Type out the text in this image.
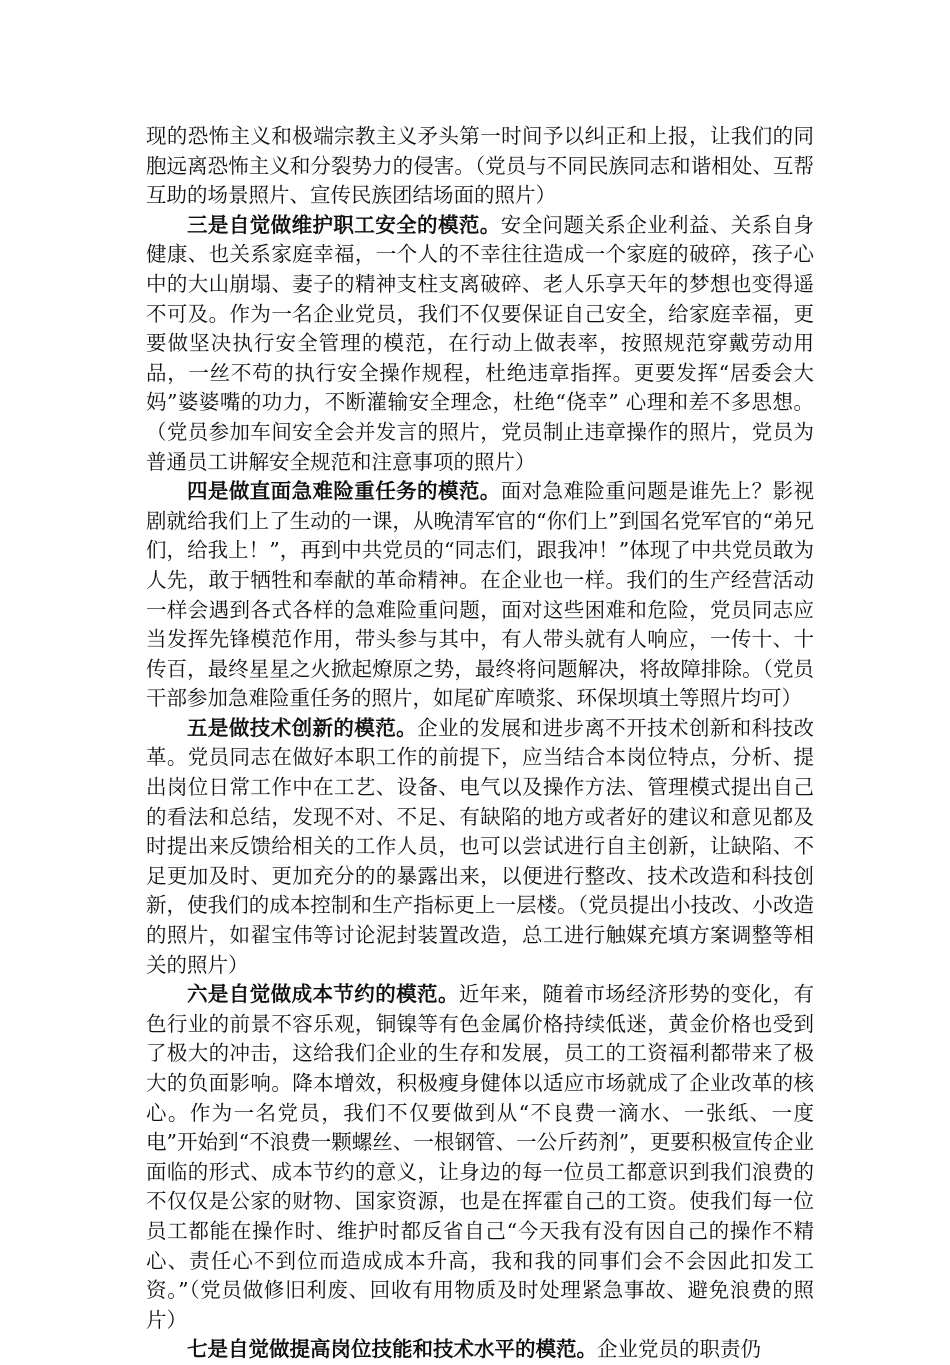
现的恐怖主义和极端宗教主义矛头第一时间予以纠正和上报，让我们的同胞远离恐怖主义和分裂势力的侵害。（党员与不同民族同志和谐相处、互帮互助的场景照片、宣传民族团结场面的照片）

三是自觉做维护职工安全的模范。安全问题关系企业利益、关系自身健康、也关系家庭幸福，一个人的不幸往往造成一个家庭的破碎，孩子心中的大山崩塌、妻子的精神支柱支离破碎、老人乐享天年的梦想也变得遥不可及。作为一名企业党员，我们不仅要保证自己安全，给家庭幸福，更要做坚决执行安全管理的模范，在行动上做表率，按照规范穿戴劳动用品，一丝不苟的执行安全操作规程，杜绝违章指挥。更要发挥“居委会大妈”婆婆嘴的功力，不断灌输安全理念，杜绝“侥幸” 心理和差不多思想。（党员参加车间安全会并发言的照片，党员制止违章操作的照片，党员为普通员工讲解安全规范和注意事项的照片）

四是做直面急难险重任务的模范。面对急难险重问题是谁先上？影视剧就给我们上了生动的一课，从晚清军官的“你们上”到国名党军官的“弟兄们，给我上！”，再到中共党员的“同志们，跟我冲！”体现了中共党员敢为人先，敢于牺牲和奉献的革命精神。在企业也一样。我们的生产经营活动一样会遇到各式各样的急难险重问题，面对这些困难和危险，党员同志应当发挥先锋模范作用，带头参与其中，有人带头就有人响应，一传十、十传百，最终星星之火掀起燎原之势，最终将问题解决，将故障排除。（党员干部参加急难险重任务的照片，如尾矿库喷浆、环保坝填土等照片均可）

五是做技术创新的模范。企业的发展和进步离不开技术创新和科技改革。党员同志在做好本职工作的前提下，应当结合本岗位特点，分析、提出岗位日常工作中在工艺、设备、电气以及操作方法、管理模式提出自己的看法和总结，发现不对、不足、有缺陷的地方或者好的建议和意见都及时提出来反馈给相关的工作人员，也可以尝试进行自主创新，让缺陷、不足更加及时、更加充分的的暴露出来，以便进行整改、技术改造和科技创新，使我们的成本控制和生产指标更上一层楼。（党员提出小技改、小改造的照片，如翟宝伟等讨论泥封装置改造，总工进行触媒充填方案调整等相关的照片）

六是自觉做成本节约的模范。近年来，随着市场经济形势的变化，有色行业的前景不容乐观，铜镍等有色金属价格持续低迷，黄金价格也受到了极大的冲击，这给我们企业的生存和发展，员工的工资福利都带来了极大的负面影响。降本增效，积极瘦身健体以适应市场就成了企业改革的核心。作为一名党员，我们不仅要做到从“不良费一滴水、一张纸、一度电”开始到“不浪费一颗螺丝、一根钢管、一公斤药剂”，更要积极宣传企业面临的形式、成本节约的意义，让身边的每一位员工都意识到我们浪费的不仅仅是公家的财物、国家资源，也是在挥霍自己的工资。使我们每一位员工都能在操作时、维护时都反省自己“今天我有没有因自己的操作不精心、责任心不到位而造成成本升高，我和我的同事们会不会因此扣发工资。”（党员做修旧利废、回收有用物质及时处理紧急事故、避免浪费的照片）

七是自觉做提高岗位技能和技术水平的模范。企业党员的职责仍
